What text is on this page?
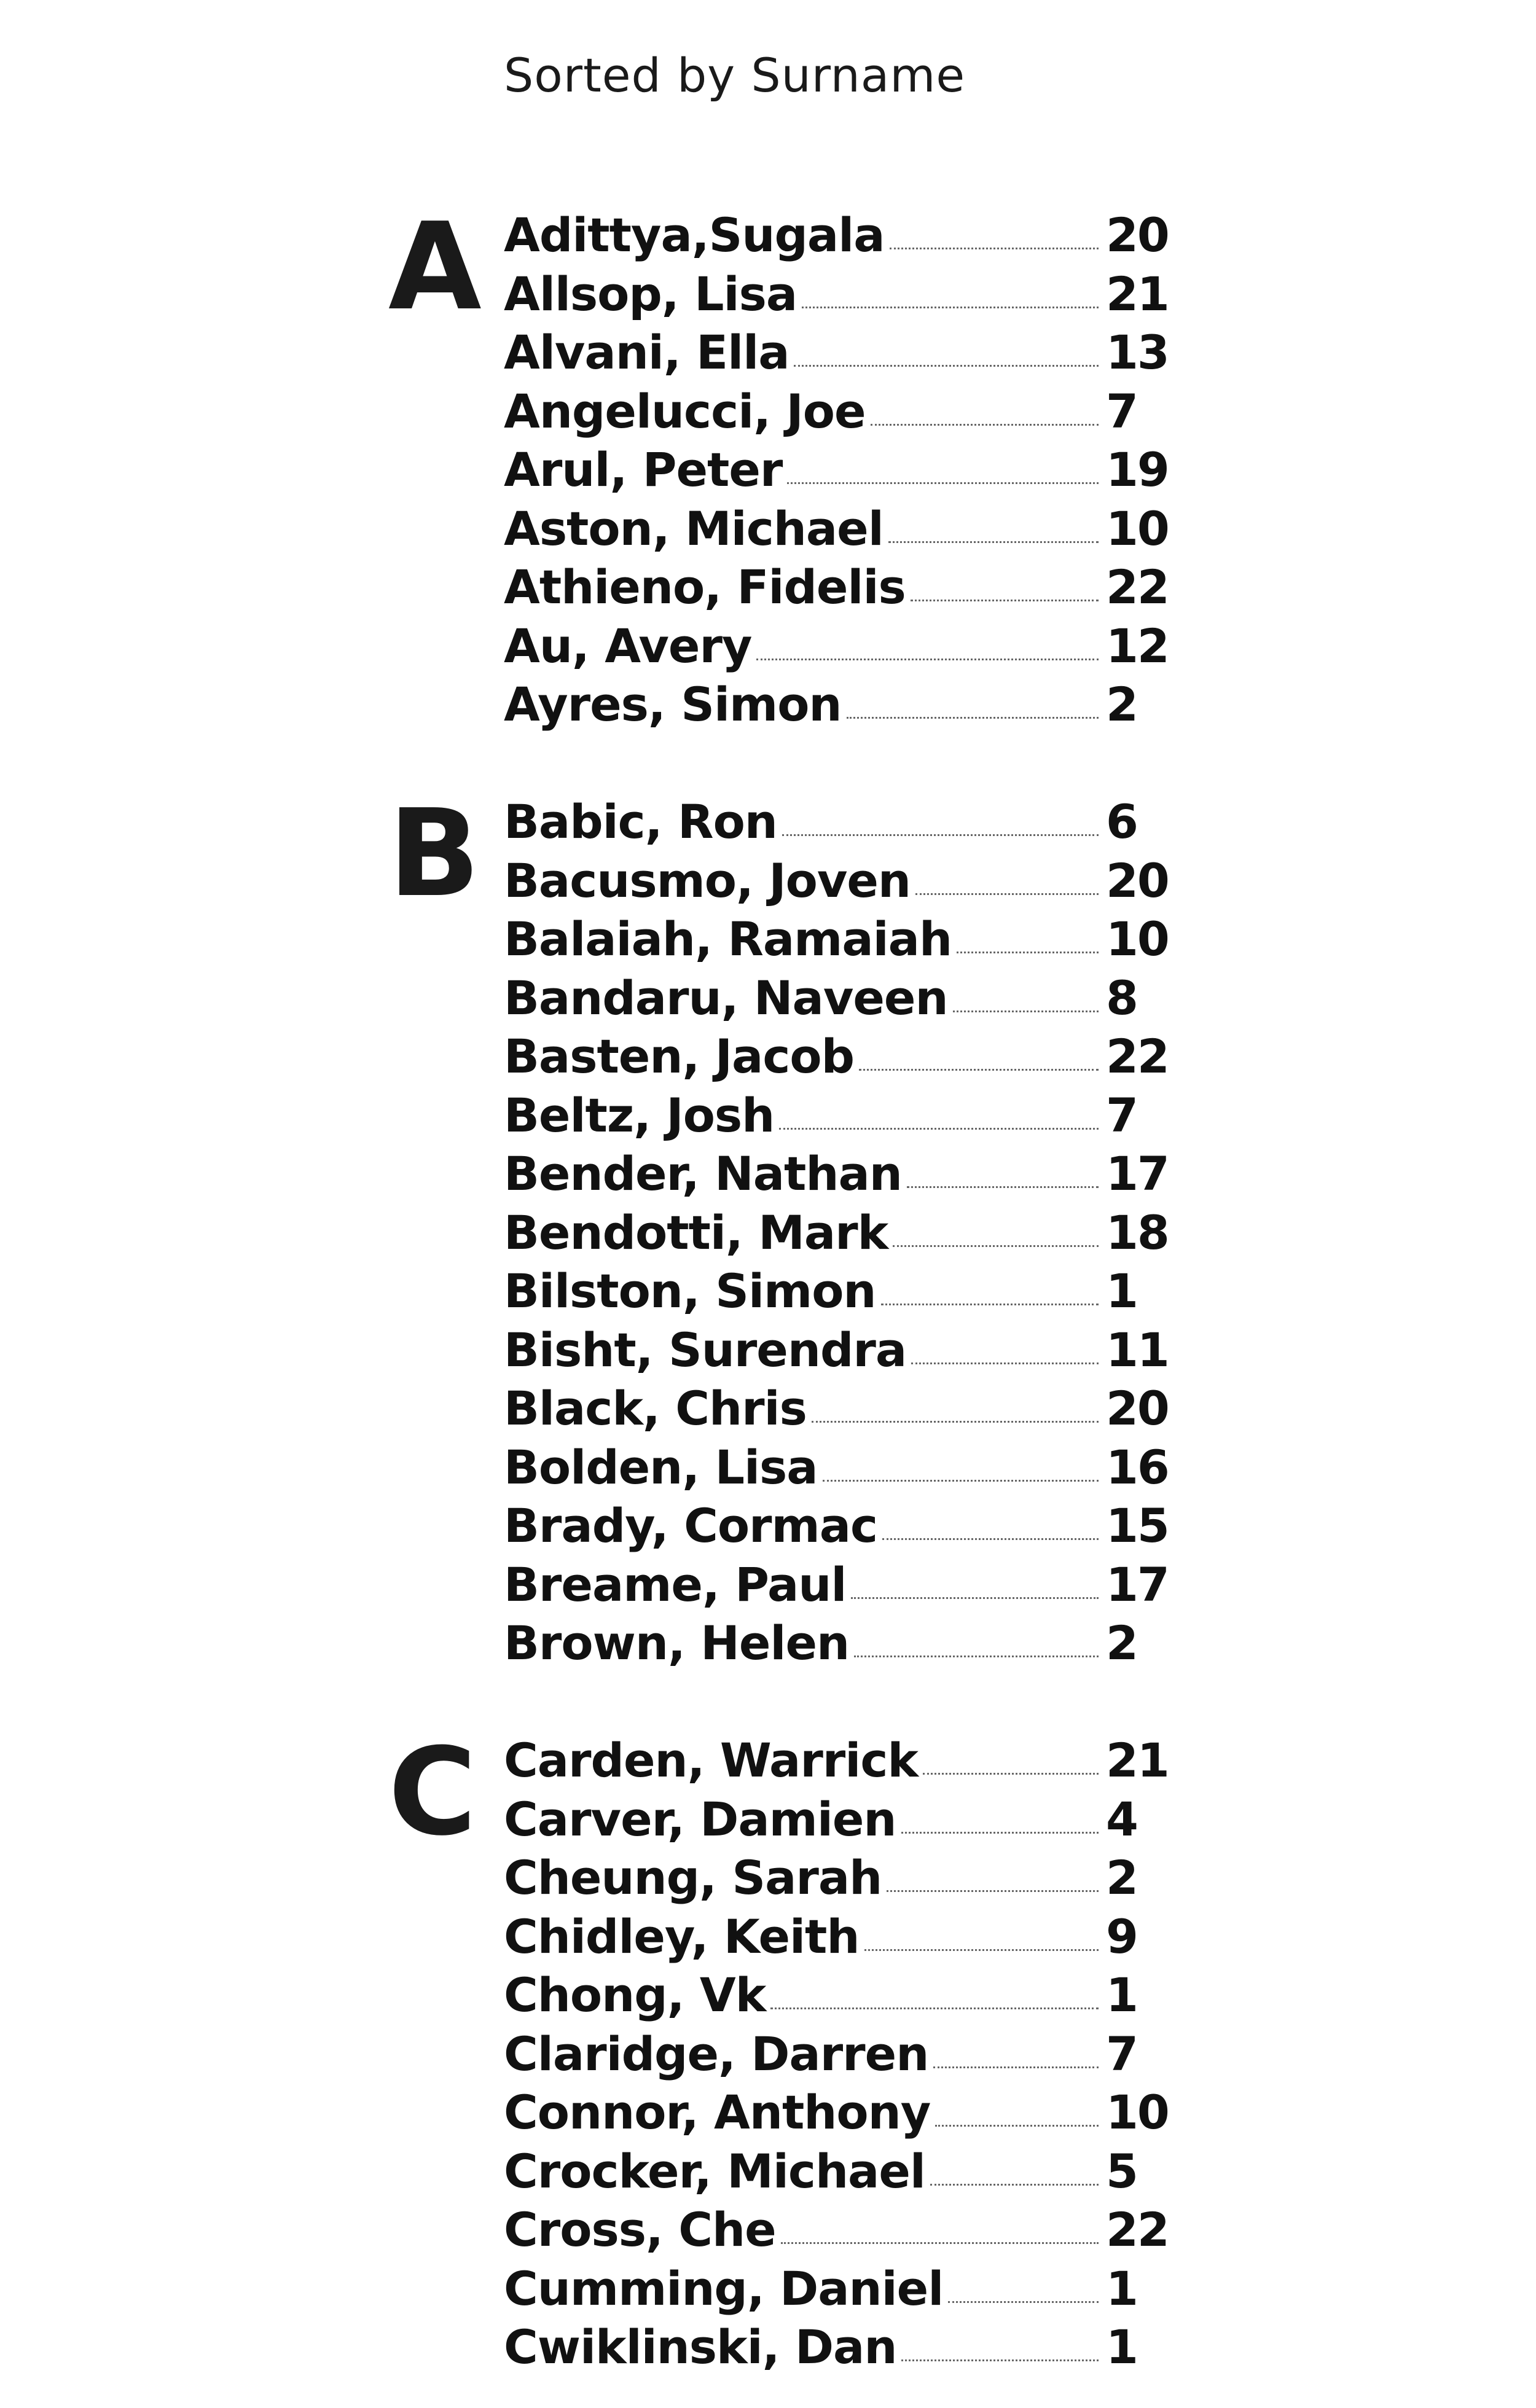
Sorted by Surname
A Adittya,Sugala	20
Allsop, Lisa	21
Alvani, Ella	13
Angelucci, Joe	7
Arul, Peter	19
Aston, Michael	10
Athieno, Fidelis	22
Au, Avery	12
Ayres, Simon	2
B Babic, Ron	6
Bacusmo, Joven	20
Balaiah, Ramaiah	10
Bandaru, Naveen	8
Basten, Jacob	22
Beltz, Josh	7
Bender, Nathan	17
Bendotti, Mark	18
Bilston, Simon	1
Bisht, Surendra	11
Black, Chris	20
Bolden, Lisa	16
Brady, Cormac	15
Breame, Paul	17
Brown, Helen	2
C Carden, Warrick	21
Carver, Damien	4
Cheung, Sarah	2
Chidley, Keith	9
Chong, Vk	1
Claridge, Darren	7
Connor, Anthony	10
Crocker, Michael	5
Cross, Che	22
Cumming, Daniel	1
Cwiklinski, Dan	1
